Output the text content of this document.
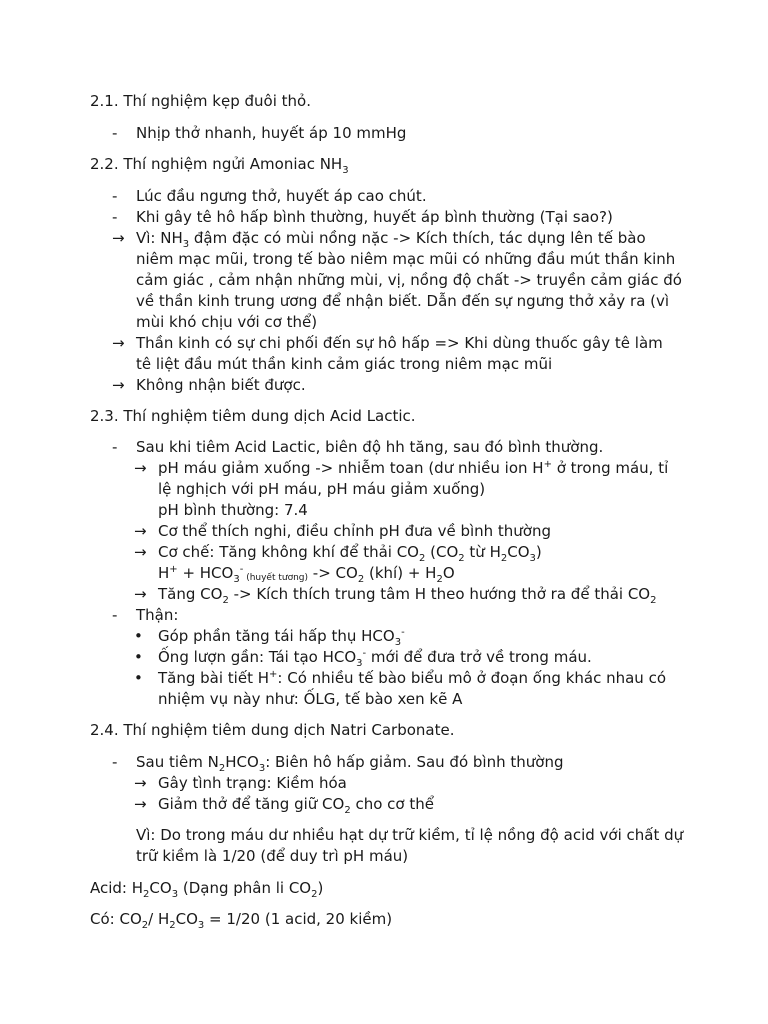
2.1. Thí nghiệm kẹp đuôi thỏ.
- Nhịp thở nhanh, huyết áp 10 mmHg
2.2. Thí nghiệm ngửi Amoniac $NH_3$
- Lúc đầu ngưng thở, huyết áp cao chút.
- Khi gây tê hô hấp bình thường, huyết áp bình thường (Tại sao?)
→ Vì: $NH_3$ đậm đặc có mùi nồng nặc -> Kích thích, tác dụng lên tế bào niêm mạc mũi, trong tế bào niêm mạc mũi có những đầu mút thần kinh cảm giác , cảm nhận những mùi, vị, nồng độ chất -> truyền cảm giác đó về thần kinh trung ương để nhận biết. Dẫn đến sự ngưng thở xảy ra (vì mùi khó chịu với cơ thể)
→ Thần kinh có sự chi phối đến sự hô hấp => Khi dùng thuốc gây tê làm tê liệt đầu mút thần kinh cảm giác trong niêm mạc mũi
→ Không nhận biết được.
2.3. Thí nghiệm tiêm dung dịch Acid Lactic.
- Sau khi tiêm Acid Lactic, biên độ hh tăng, sau đó bình thường.
→ pH máu giảm xuống -> nhiễm toan (dư nhiều ion H+ ở trong máu, tỉ lệ nghịch với pH máu, pH máu giảm xuống)
pH bình thường: 7.4
→ Cơ thể thích nghi, điều chỉnh pH đưa về bình thường
→ Cơ chế: Tăng không khí để thải $CO_2$ ($CO_2$ từ $H_2CO_3$)
$H^+ + HCO_3^-$ (huyết tương) -> $CO_2$ (khí) + $H_2O$
→ Tăng $CO_2$ -> Kích thích trung tâm H theo hướng thở ra để thải $CO_2$
- Thận:
• Góp phần tăng tái hấp thụ $HCO_3^-$
• Ống lượn gần: Tái tạo $HCO_3^-$ mới để đưa trở về trong máu.
• Tăng bài tiết H+: Có nhiều tế bào biểu mô ở đoạn ống khác nhau có nhiệm vụ này như: ỐLG, tế bào xen kẽ A
2.4. Thí nghiệm tiêm dung dịch Natri Carbonate.
- Sau tiêm $N_2HCO_3$: Biên hô hấp giảm. Sau đó bình thường
→ Gây tình trạng: Kiềm hóa
→ Giảm thở để tăng giữ $CO_2$ cho cơ thể
Vì: Do trong máu dư nhiều hạt dự trữ kiềm, tỉ lệ nồng độ acid với chất dự trữ kiềm là 1/20 (để duy trì pH máu)
Acid: $H_2CO_3$ (Dạng phân li $CO_2$)
Có: $CO_2/$ $H_2CO_3 = 1/20$ (1 acid, 20 kiềm)
